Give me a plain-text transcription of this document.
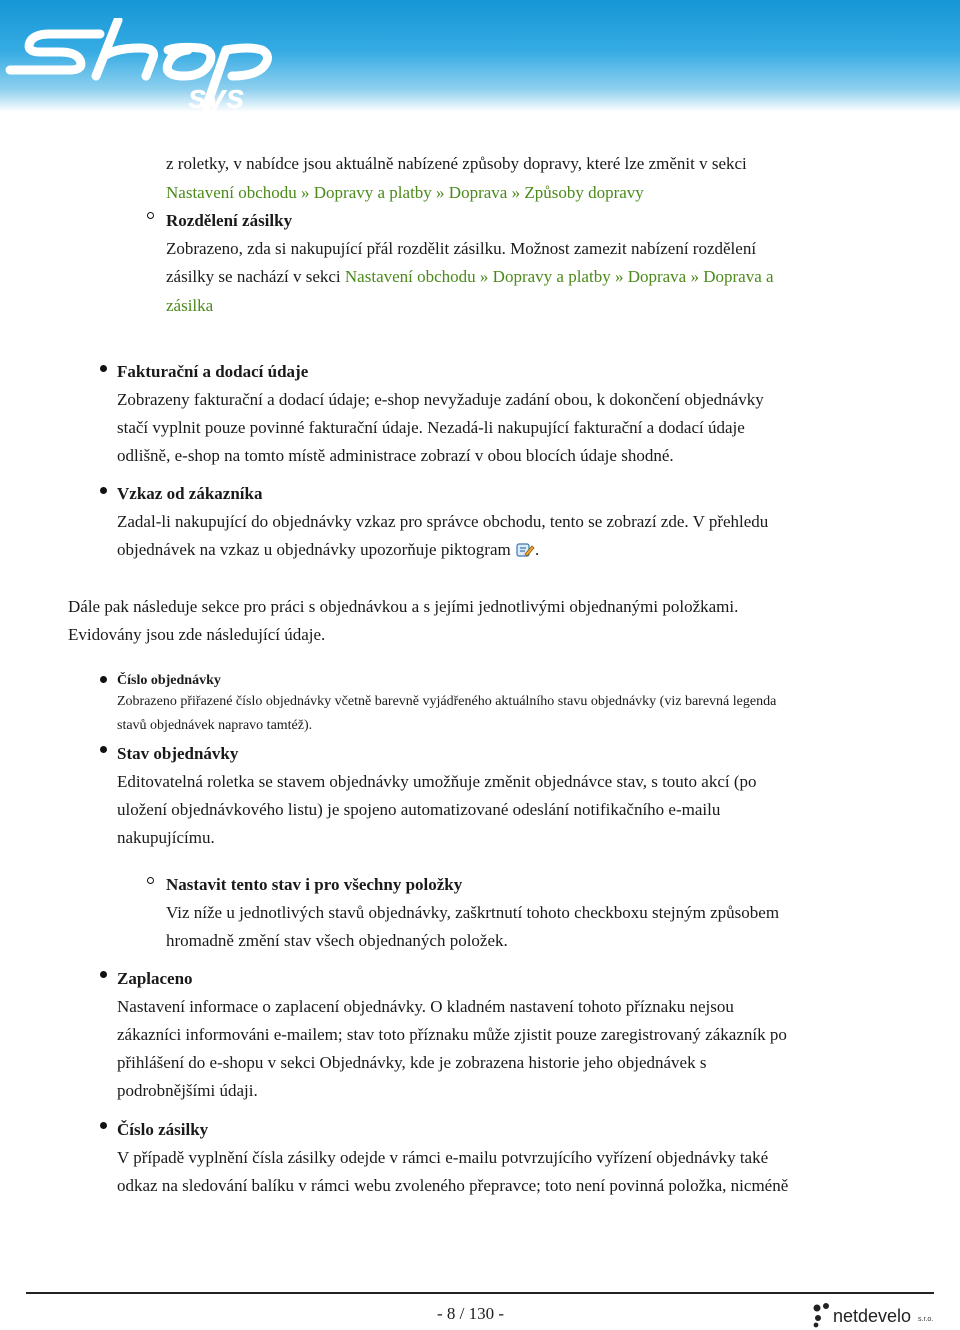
sys
z roletky, v nabídce jsou aktuálně nabízené způsoby dopravy, které lze změnit v sekci
Nastavení obchodu » Dopravy a platby » Doprava » Způsoby dopravy
Rozdělení zásilky
Zobrazeno, zda si nakupující přál rozdělit zásilku. Možnost zamezit nabízení rozdělení
zásilky se nachází v sekci Nastavení obchodu » Dopravy a platby » Doprava » Doprava a
zásilka
Fakturační a dodací údaje
Zobrazeny fakturační a dodací údaje; e-shop nevyžaduje zadání obou, k dokončení objednávky
stačí vyplnit pouze povinné fakturační údaje. Nezadá-li nakupující fakturační a dodací údaje
odlišně, e-shop na tomto místě administrace zobrazí v obou blocích údaje shodné.
Vzkaz od zákazníka
Zadal-li nakupující do objednávky vzkaz pro správce obchodu, tento se zobrazí zde. V přehledu
objednávek na vzkaz u objednávky upozorňuje piktogram .
Dále pak následuje sekce pro práci s objednávkou a s jejími jednotlivými objednanými položkami.
Evidovány jsou zde následující údaje.
Číslo objednávky
Zobrazeno přiřazené číslo objednávky včetně barevně vyjádřeného aktuálního stavu objednávky (viz barevná legenda
stavů objednávek napravo tamtéž).
Stav objednávky
Editovatelná roletka se stavem objednávky umožňuje změnit objednávce stav, s touto akcí (po
uložení objednávkového listu) je spojeno automatizované odeslání notifikačního e-mailu
nakupujícímu.
Nastavit tento stav i pro všechny položky
Viz níže u jednotlivých stavů objednávky, zaškrtnutí tohoto checkboxu stejným způsobem
hromadně změní stav všech objednaných položek.
Zaplaceno
Nastavení informace o zaplacení objednávky. O kladném nastavení tohoto příznaku nejsou
zákazníci informováni e-mailem; stav toto příznaku může zjistit pouze zaregistrovaný zákazník po
přihlášení do e-shopu v sekci Objednávky, kde je zobrazena historie jeho objednávek s
podrobnějšími údaji.
Číslo zásilky
V případě vyplnění čísla zásilky odejde v rámci e-mailu potvrzujícího vyřízení objednávky také
odkaz na sledování balíku v rámci webu zvoleného přepravce; toto není povinná položka, nicméně
- 8 / 130 -	netdevelo s.r.o.
